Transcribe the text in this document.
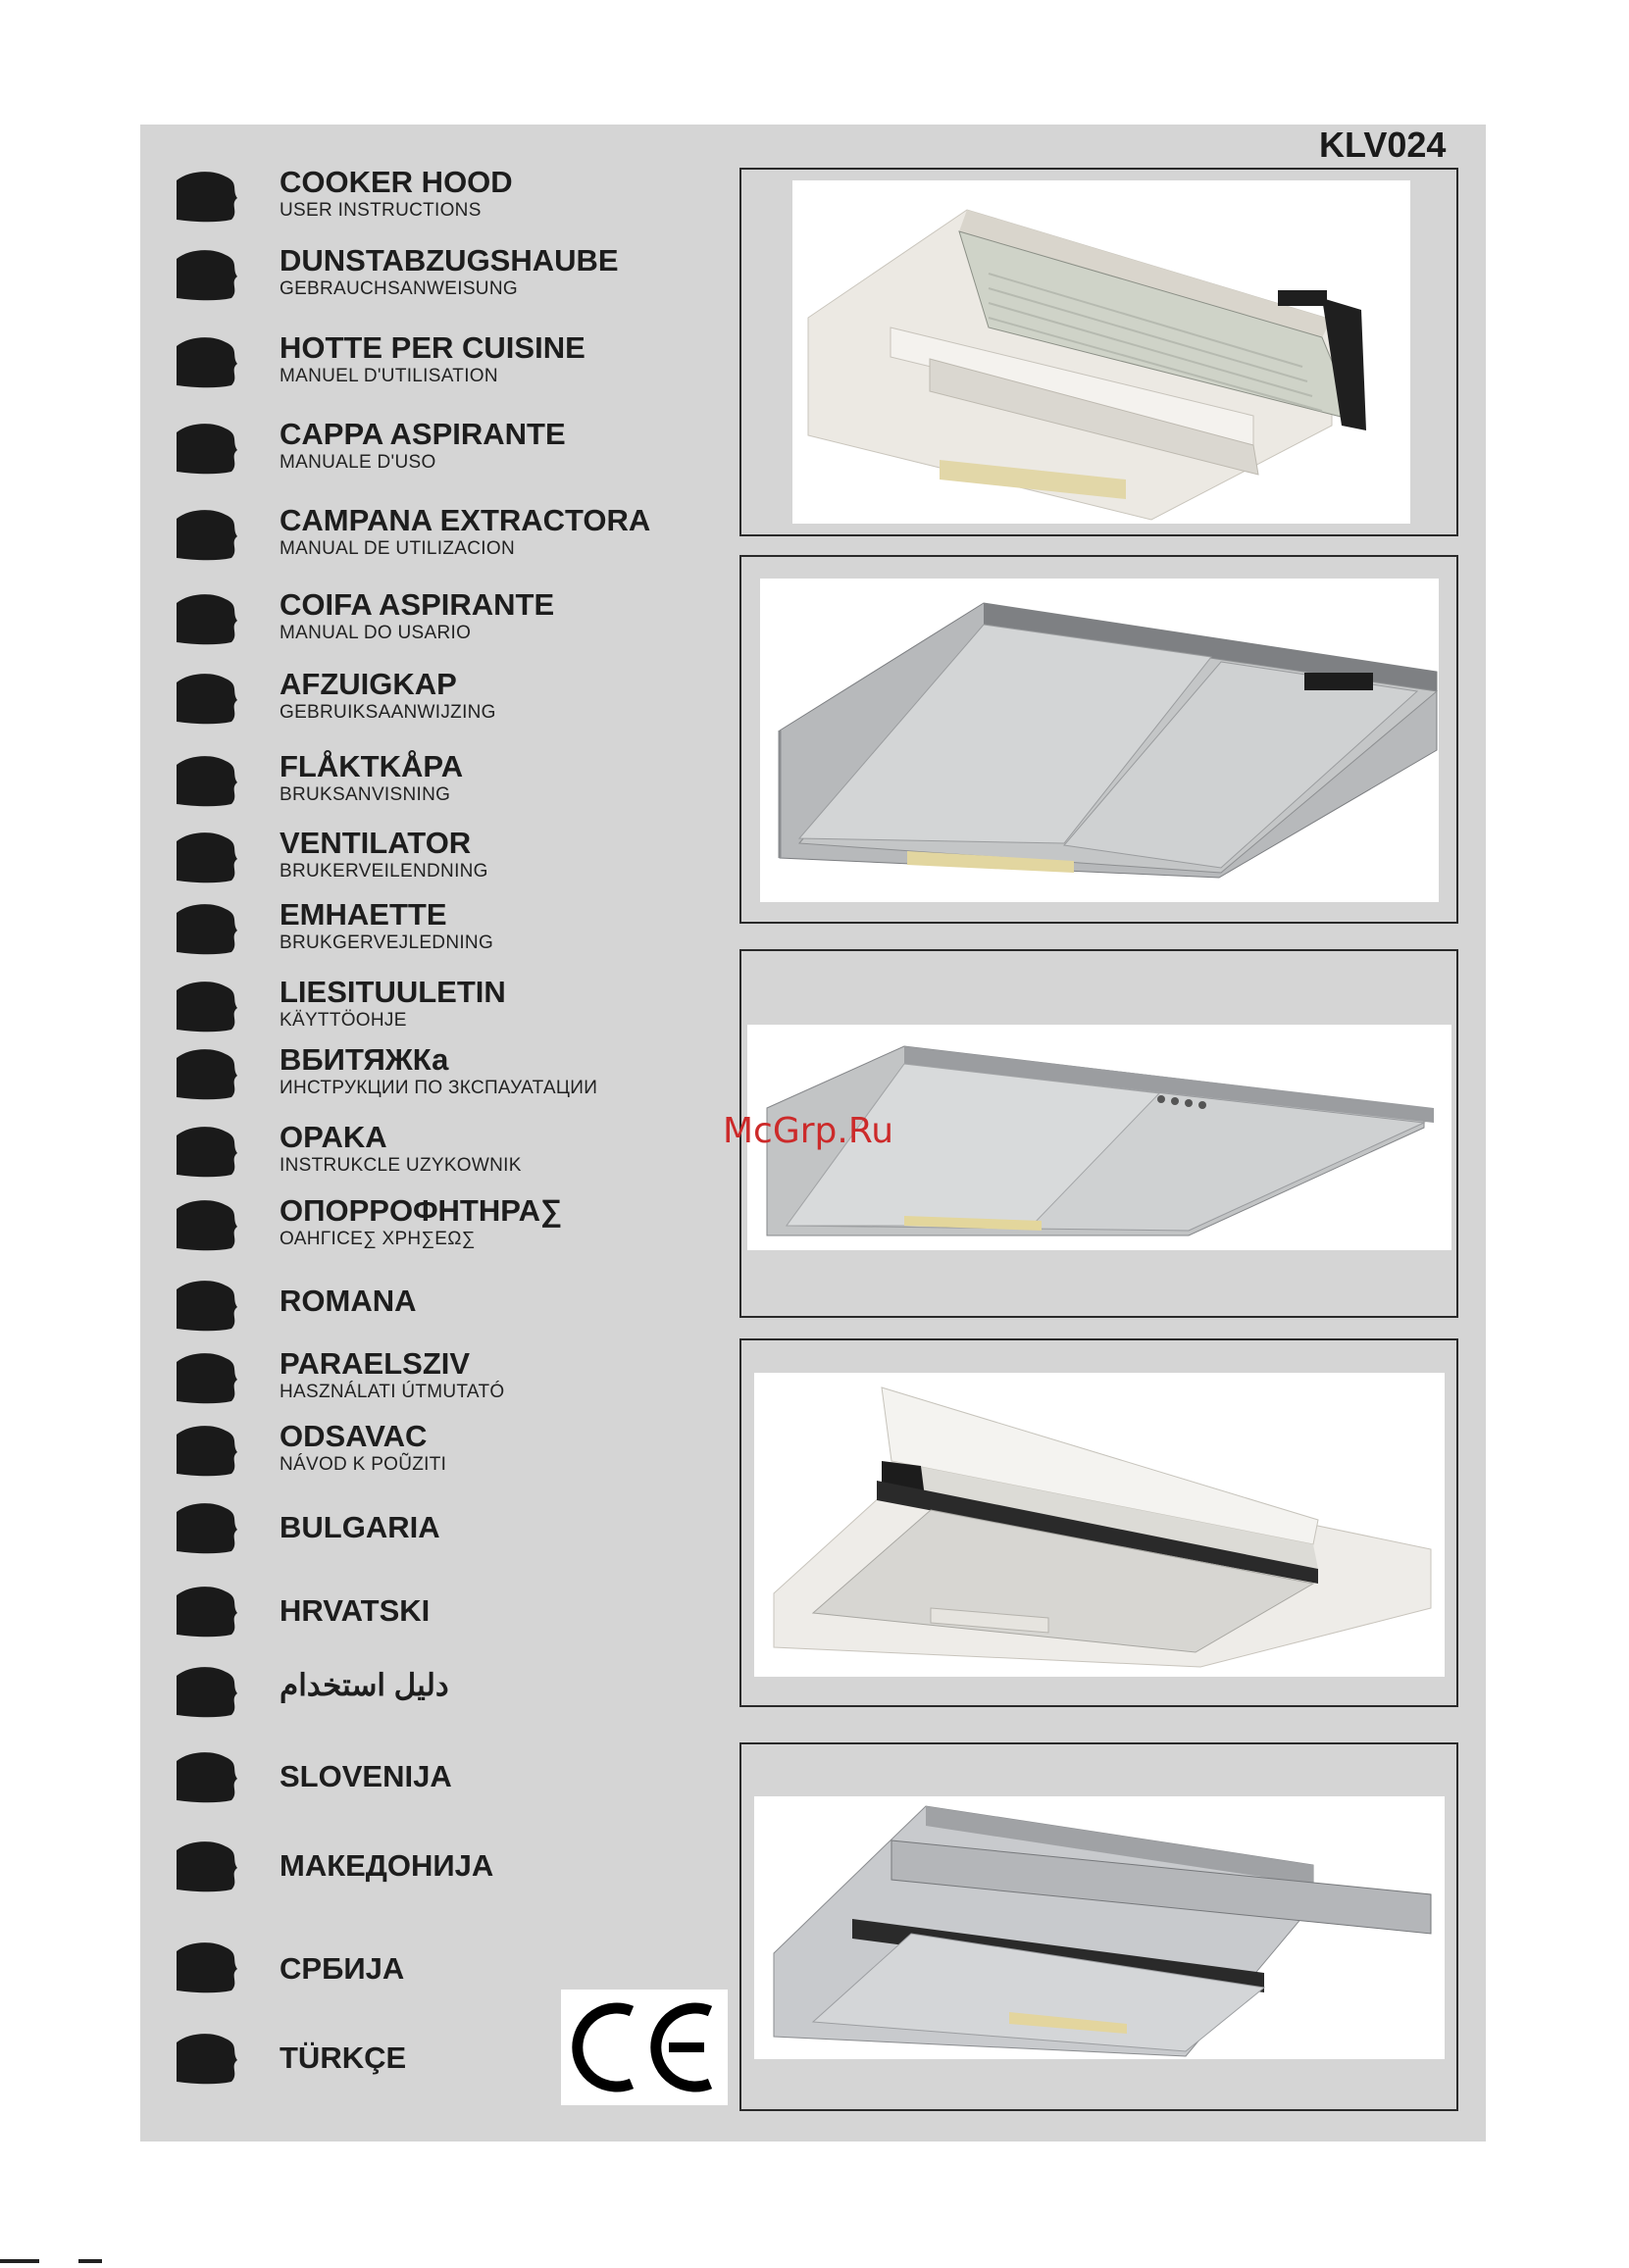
KLV024
COOKER HOOD
USER INSTRUCTIONS
DUNSTABZUGSHAUBE
GEBRAUCHSANWEISUNG
HOTTE PER CUISINE
MANUEL D'UTILISATION
CAPPA ASPIRANTE
MANUALE D'USO
CAMPANA EXTRACTORA
MANUAL DE UTILIZACION
COIFA ASPIRANTE
MANUAL DO USARIO
AFZUIGKAP
GEBRUIKSAANWIJZING
FLÅKTKÅPA
BRUKSANVISNING
VENTILATOR
BRUKERVEILENDNING
EMHAETTE
BRUKGERVEJLEDNING
LIESITUULETIN
KÄYTTÖOHJE
ВБИТЯЖКа
ИНСТРУКЦИИ ПО ЗКСПАУАТАЦИИ
OPAKA
INSTRUKCLE UZYKOWNIK
ΟΠΟΡΡΟΦΗΤΗΡΑ∑
ΟΑΗΓΙCΕ∑ ΧΡΗ∑ΕΩ∑
ROMANA
PARAELSZIV
HASZNÁLATI ÚTMUTATÓ
ODSAVAC
NÁVOD K POŨZITI
BULGARIA
HRVATSKI
دليل استخدام
SLOVENIJA
МАКЕДОНИЈА
СРБИЈА
TÜRKÇE
McGrp.Ru
